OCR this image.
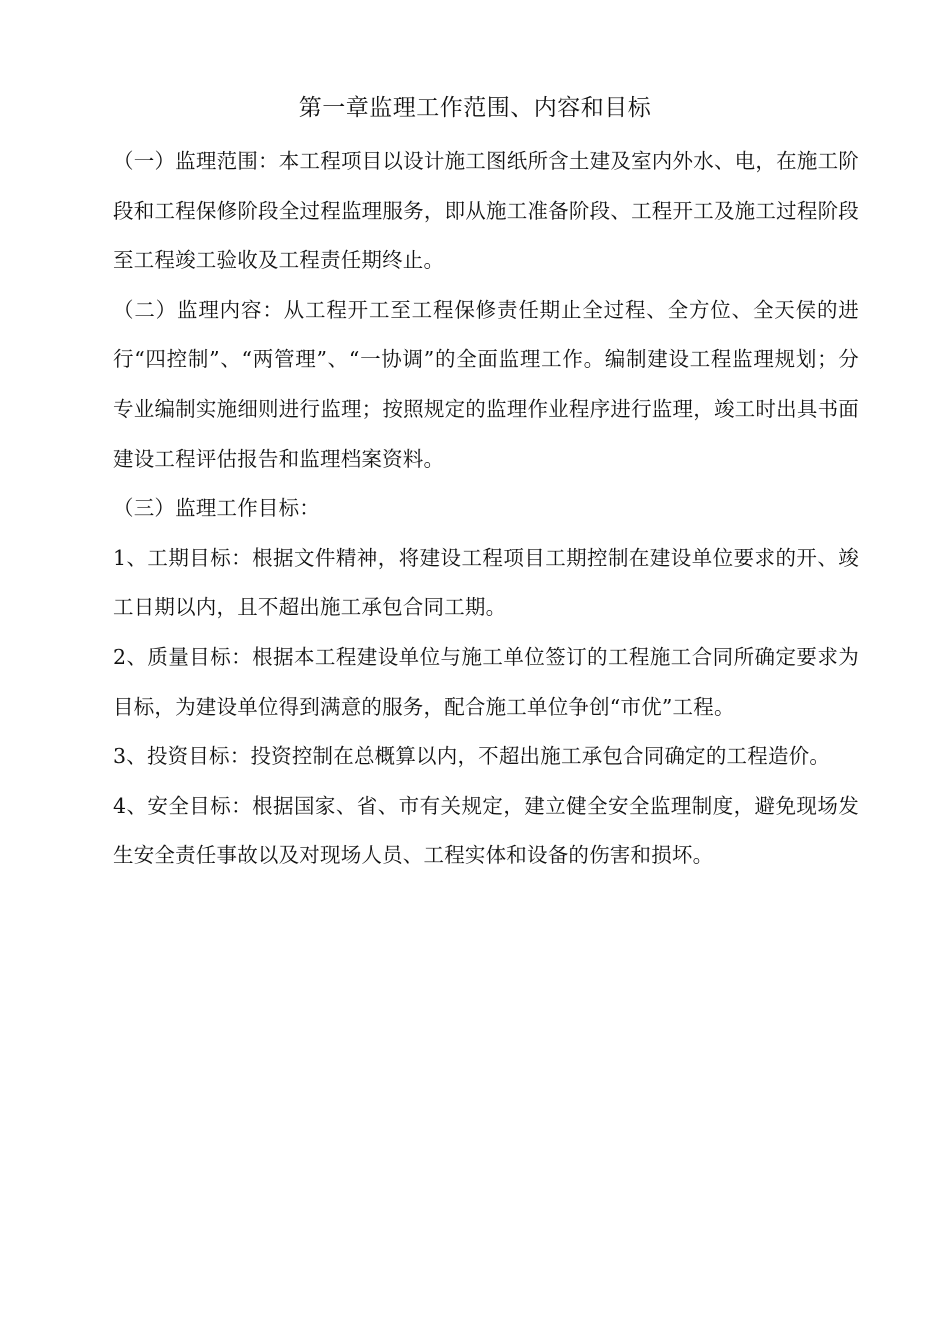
第一章监理工作范围、内容和目标

（一）监理范围：本工程项目以设计施工图纸所含土建及室内外水、电，在施工阶段和工程保修阶段全过程监理服务，即从施工准备阶段、工程开工及施工过程阶段至工程竣工验收及工程责任期终止。

（二）监理内容：从工程开工至工程保修责任期止全过程、全方位、全天侯的进行“四控制”、“两管理”、“一协调”的全面监理工作。编制建设工程监理规划；分专业编制实施细则进行监理；按照规定的监理作业程序进行监理，竣工时出具书面建设工程评估报告和监理档案资料。

（三）监理工作目标：

1、工期目标：根据文件精神，将建设工程项目工期控制在建设单位要求的开、竣工日期以内，且不超出施工承包合同工期。

2、质量目标：根据本工程建设单位与施工单位签订的工程施工合同所确定要求为目标，为建设单位得到满意的服务，配合施工单位争创“市优”工程。

3、投资目标：投资控制在总概算以内，不超出施工承包合同确定的工程造价。

4、安全目标：根据国家、省、市有关规定，建立健全安全监理制度，避免现场发生安全责任事故以及对现场人员、工程实体和设备的伤害和损坏。
